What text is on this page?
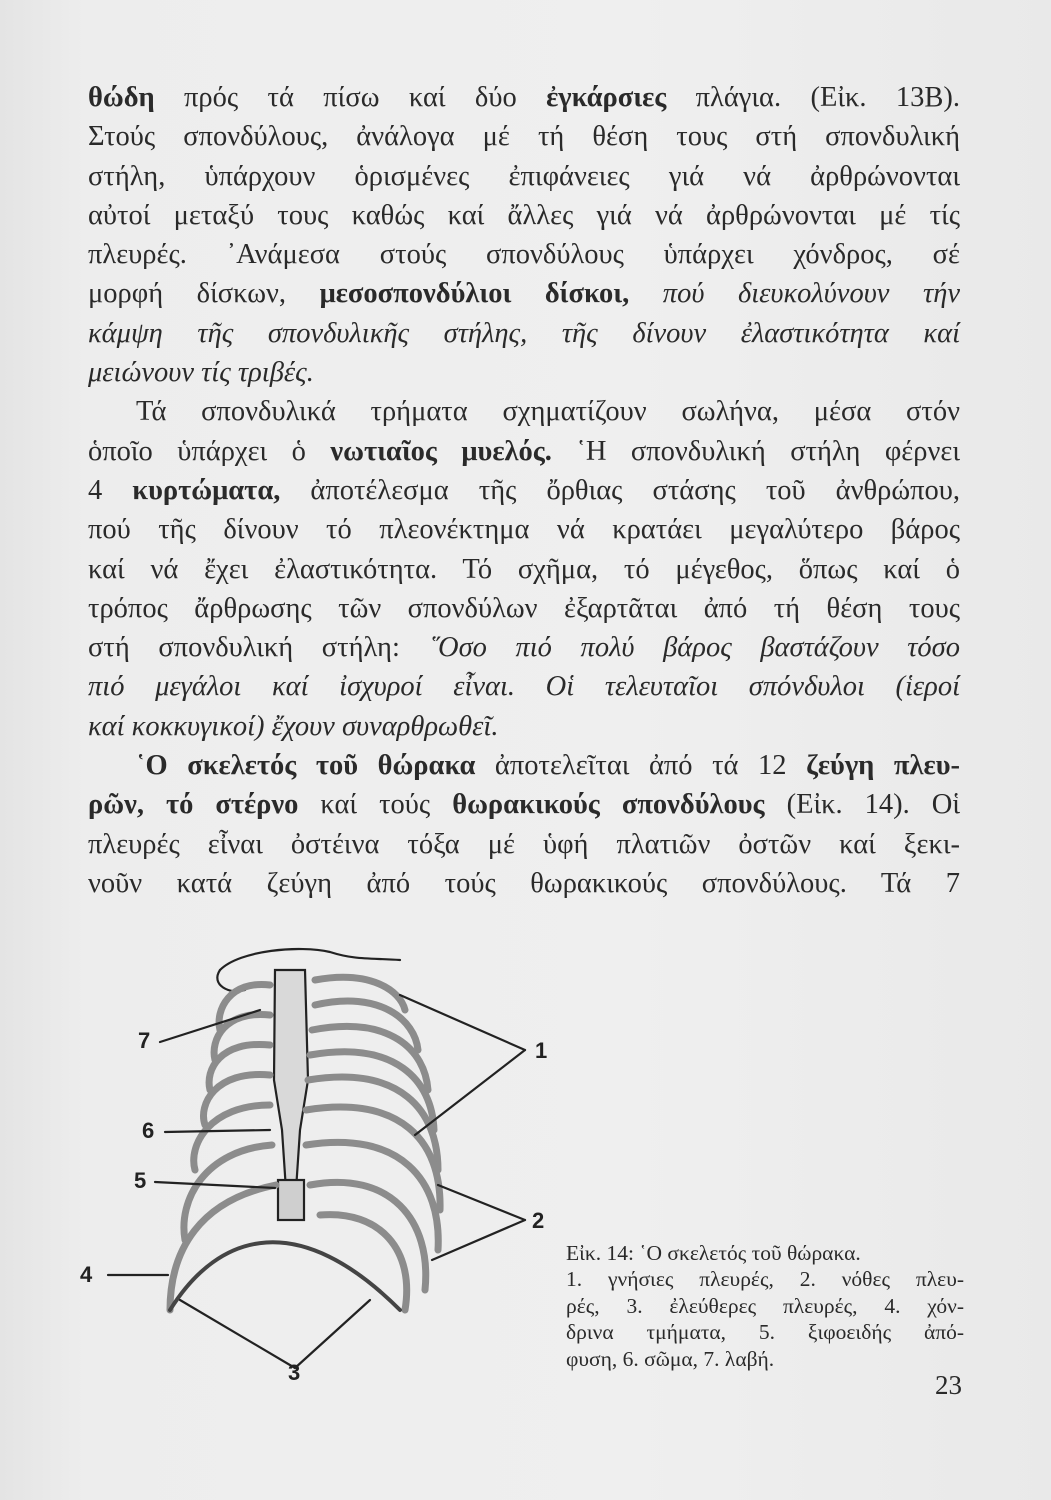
θώδη πρός τά πίσω καί δύο ἐγκάρσιες πλάγια. (Εἰκ. 13Β).
Στούς σπονδύλους, ἀνάλογα μέ τή θέση τους στή σπονδυλική
στήλη, ὑπάρχουν ὁρισμένες ἐπιφάνειες γιά νά ἀρθρώνονται
αὐτοί μεταξύ τους καθώς καί ἄλλες γιά νά ἀρθρώνονται μέ τίς
πλευρές. ᾿Ανάμεσα στούς σπονδύλους ὑπάρχει χόνδρος, σέ
μορφή δίσκων, μεσοσπονδύλιοι δίσκοι, πού διευκολύνουν τήν
κάμψη τῆς σπονδυλικῆς στήλης, τῆς δίνουν ἐλαστικότητα καί
μειώνουν τίς τριβές.

Τά σπονδυλικά τρήματα σχηματίζουν σωλήνα, μέσα στόν
ὁποῖο ὑπάρχει ὁ νωτιαῖος μυελός. ῾Η σπονδυλική στήλη φέρνει
4 κυρτώματα, ἀποτέλεσμα τῆς ὄρθιας στάσης τοῦ ἀνθρώπου,
πού τῆς δίνουν τό πλεονέκτημα νά κρατάει μεγαλύτερο βάρος
καί νά ἔχει ἐλαστικότητα. Τό σχῆμα, τό μέγεθος, ὅπως καί ὁ
τρόπος ἄρθρωσης τῶν σπονδύλων ἐξαρτᾶται ἀπό τή θέση τους
στή σπονδυλική στήλη: ῞Οσο πιό πολύ βάρος βαστάζουν τόσο
πιό μεγάλοι καί ἰσχυροί εἶναι. Οἱ τελευταῖοι σπόνδυλοι (ἱεροί
καί κοκκυγικοί) ἔχουν συναρθρωθεῖ.

῾Ο σκελετός τοῦ θώρακα ἀποτελεῖται ἀπό τά 12 ζεύγη πλευ-
ρῶν, τό στέρνο καί τούς θωρακικούς σπονδύλους (Εἰκ. 14). Οἱ
πλευρές εἶναι ὀστέινα τόξα μέ ὑφή πλατιῶν ὀστῶν καί ξεκι-
νοῦν κατά ζεύγη ἀπό τούς θωρακικούς σπονδύλους. Τά 7

7
6
5
4
1
2
3
Εἰκ. 14: ῾Ο σκελετός τοῦ θώρακα.
1. γνήσιες πλευρές, 2. νόθες πλευ-
ρές, 3. ἐλεύθερες πλευρές, 4. χόν-
δρινα τμήματα, 5. ξιφοειδής ἀπό-
φυση, 6. σῶμα, 7. λαβή.
23
